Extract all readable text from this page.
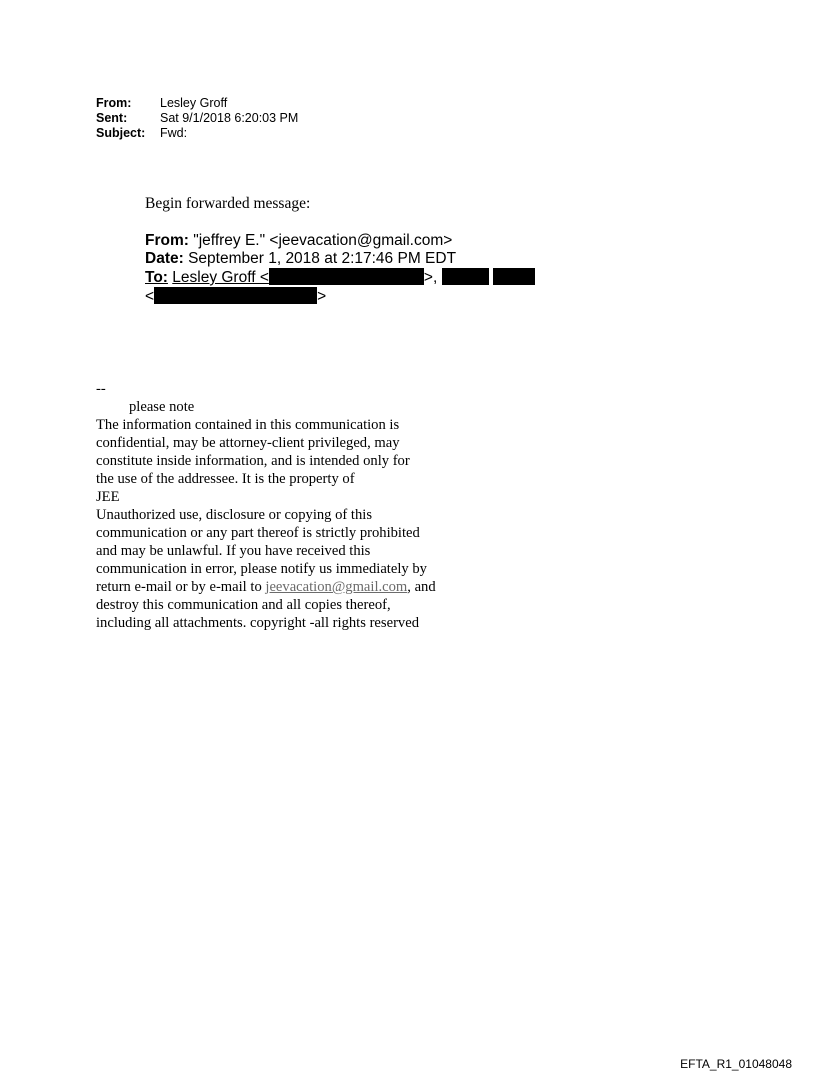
From:	Lesley Groff
Sent:	Sat 9/1/2018 6:20:03 PM
Subject:	Fwd:
Begin forwarded message:
From: "jeffrey E." <jeevacation@gmail.com>
Date: September 1, 2018 at 2:17:46 PM EDT
To: Lesley Groff <	>,
<	>
--
please note
The information contained in this communication is
confidential, may be attorney-client privileged, may
constitute inside information, and is intended only for
the use of the addressee. It is the property of
JEE
Unauthorized use, disclosure or copying of this
communication or any part thereof is strictly prohibited
and may be unlawful. If you have received this
communication in error, please notify us immediately by
return e-mail or by e-mail to jeevacation@gmail.com, and
destroy this communication and all copies thereof,
including all attachments. copyright -all rights reserved
EFTA_R1_01048048
